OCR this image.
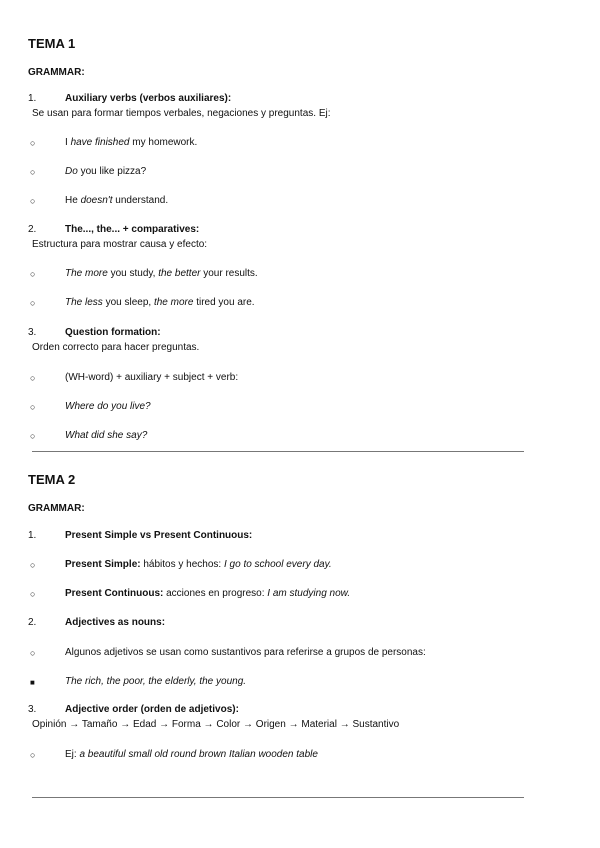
TEMA 1
GRAMMAR:
1.	Auxiliary verbs (verbos auxiliares):
Se usan para formar tiempos verbales, negaciones y preguntas. Ej:
○	I have finished my homework.
○	Do you like pizza?
○	He doesn't understand.
2.	The..., the... + comparatives:
Estructura para mostrar causa y efecto:
○	The more you study, the better your results.
○	The less you sleep, the more tired you are.
3.	Question formation:
Orden correcto para hacer preguntas.
○	(WH-word) + auxiliary + subject + verb:
○	Where do you live?
○	What did she say?
TEMA 2
GRAMMAR:
1.	Present Simple vs Present Continuous:
○	Present Simple: hábitos y hechos: I go to school every day.
○	Present Continuous: acciones en progreso: I am studying now.
2.	Adjectives as nouns:
○	Algunos adjetivos se usan como sustantivos para referirse a grupos de personas:
■	The rich, the poor, the elderly, the young.
3.	Adjective order (orden de adjetivos):
Opinión → Tamaño → Edad → Forma → Color → Origen → Material → Sustantivo
○	Ej: a beautiful small old round brown Italian wooden table
